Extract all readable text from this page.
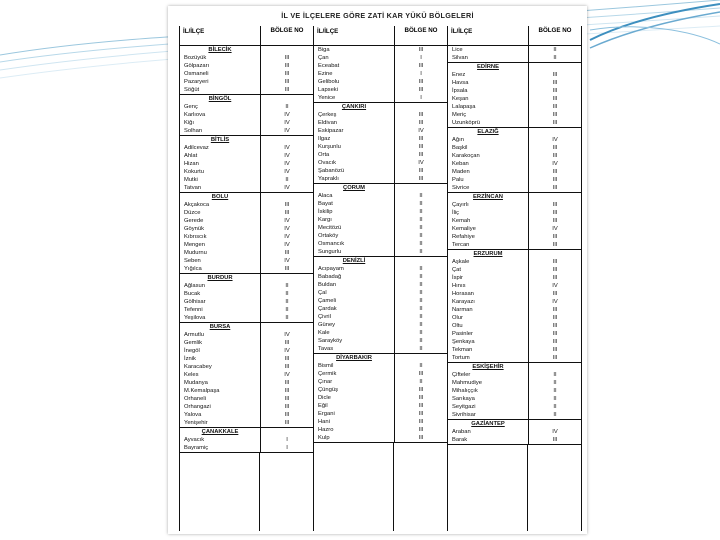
İL VE İLÇELERE GÖRE ZATİ KAR YÜKÜ BÖLGELERİ
İL/İLÇE	BÖLGE NO
BİLECİK
Bozüyük	III
Gölpazarı	III
Osmaneli	III
Pazaryeri	III
Söğüt	III
BİNGÖL
Genç	II
Karlıova	IV
Kiğı	IV
Solhan	IV
BİTLİS
Adilcevaz	IV
Ahlat	IV
Hizan	IV
Kokurtu	IV
Mutki	II
Tatvan	IV
BOLU
Akçakoca	III
Düzce	III
Gerede	IV
Göynük	IV
Kıbrıscık	IV
Mengen	IV
Mudurnu	III
Seben	IV
Yığılca	III
BURDUR
Ağlasun	II
Bucak	II
Gölhisar	II
Tefenni	II
Yeşilova	II
BURSA
Armutlu	IV
Gemlik	III
İnegöl	IV
İznik	III
Karacabey	III
Keles	IV
Mudanya	III
M.Kemalpaşa	III
Orhaneli	III
Orhangazi	III
Yalova	III
Yenişehir	III
ÇANAKKALE
Ayvacık	I
Bayramiç	I
İL/İLÇE	BÖLGE NO
Biga	III
Çan	I
Eceabat	III
Ezine	I
Gelibolu	III
Lapseki	III
Yenice	I
ÇANKIRI
Çerkeş	III
Eldivan	III
Eskipazar	IV
Ilgaz	III
Kurşunlu	III
Orta	III
Ovacık	IV
Şabanözü	III
Yapraklı	III
ÇORUM
Alaca	II
Bayat	II
İskilip	II
Kargı	II
Mecitözü	II
Ortaköy	II
Osmancık	II
Sungurlu	II
DENİZLİ
Acıpayam	II
Babadağ	II
Buldan	II
Çal	II
Çameli	II
Çardak	II
Çivril	II
Güney	II
Kale	II
Sarayköy	II
Tavas	II
DİYARBAKIR
Bismil	II
Çermik	III
Çınar	II
Çüngüş	III
Dicle	III
Eğil	III
Ergani	III
Hani	III
Hazro	III
Kulp	III
İL/İLÇE	BÖLGE NO
Lice	II
Silvan	II
EDİRNE
Enez	III
Havsa	III
İpsala	III
Keşan	III
Lalapaşa	III
Meriç	III
Uzunköprü	III
ELAZIĞ
Ağın	IV
Başkil	III
Karakoçan	III
Keban	IV
Maden	III
Palu	III
Sivrice	III
ERZİNCAN
Çayırlı	III
İliç	III
Kemah	III
Kemaliye	IV
Refahiye	III
Tercan	III
ERZURUM
Aşkale	III
Çat	III
İspir	III
Hınıs	IV
Horasan	III
Karayazı	IV
Narman	III
Olur	III
Oltu	III
Pasinler	III
Şenkaya	III
Tekman	III
Tortum	III
ESKİŞEHİR
Çifteler	II
Mahmudiye	II
Mihalıççık	II
Sarıkaya	II
Seyitgazi	II
Sivrihisar	II
GAZİANTEP
Araban	IV
Barak	III
